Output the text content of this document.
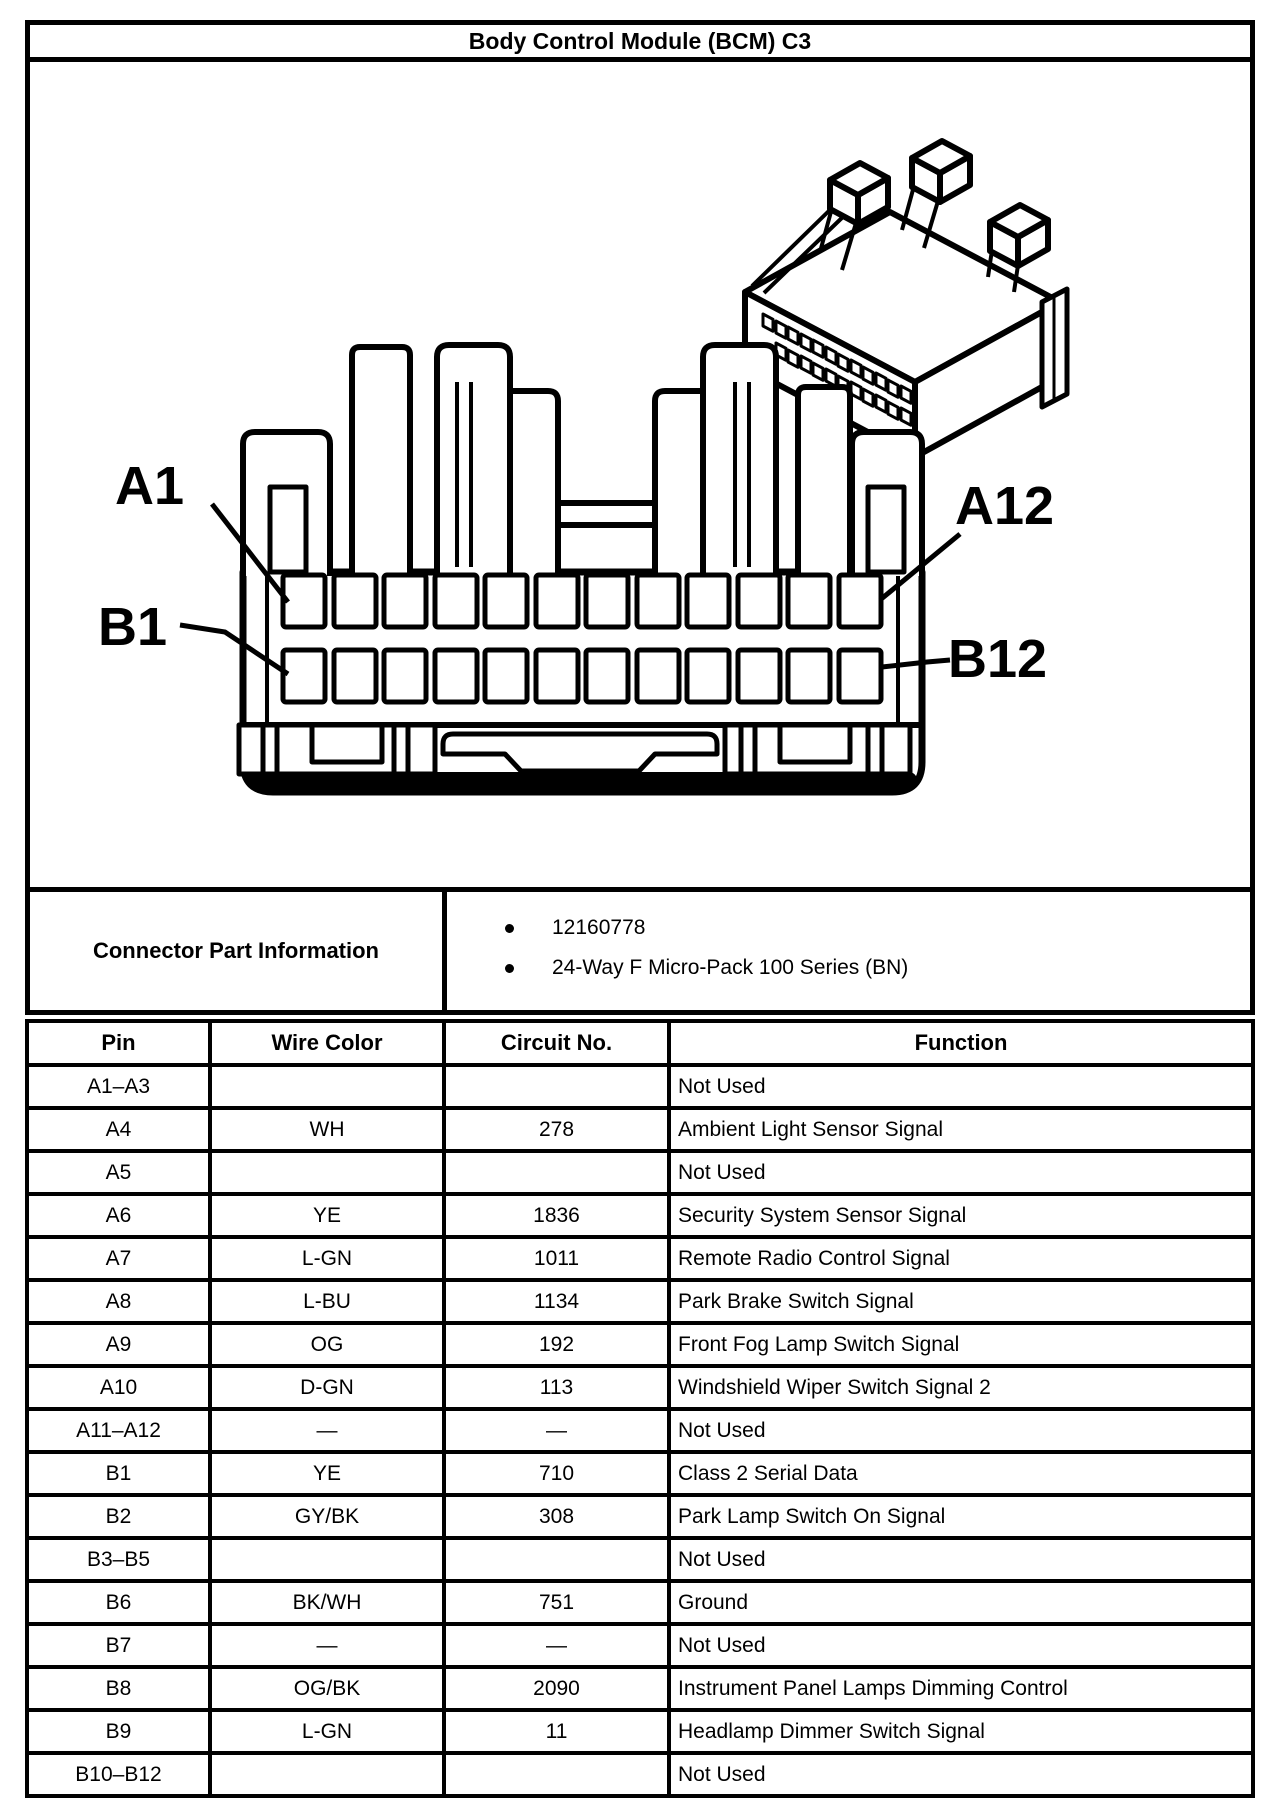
Body Control Module (BCM) C3
A1
B1
A12
B12
Connector Part Information
12160778
24-Way F Micro-Pack 100 Series (BN)
Pin	Wire Color	Circuit No.	Function
A1–A3			Not Used
A4	WH	278	Ambient Light Sensor Signal
A5			Not Used
A6	YE	1836	Security System Sensor Signal
A7	L-GN	1011	Remote Radio Control Signal
A8	L-BU	1134	Park Brake Switch Signal
A9	OG	192	Front Fog Lamp Switch Signal
A10	D-GN	113	Windshield Wiper Switch Signal 2
A11–A12	—	—	Not Used
B1	YE	710	Class 2 Serial Data
B2	GY/BK	308	Park Lamp Switch On Signal
B3–B5			Not Used
B6	BK/WH	751	Ground
B7	—	—	Not Used
B8	OG/BK	2090	Instrument Panel Lamps Dimming Control
B9	L-GN	11	Headlamp Dimmer Switch Signal
B10–B12			Not Used
